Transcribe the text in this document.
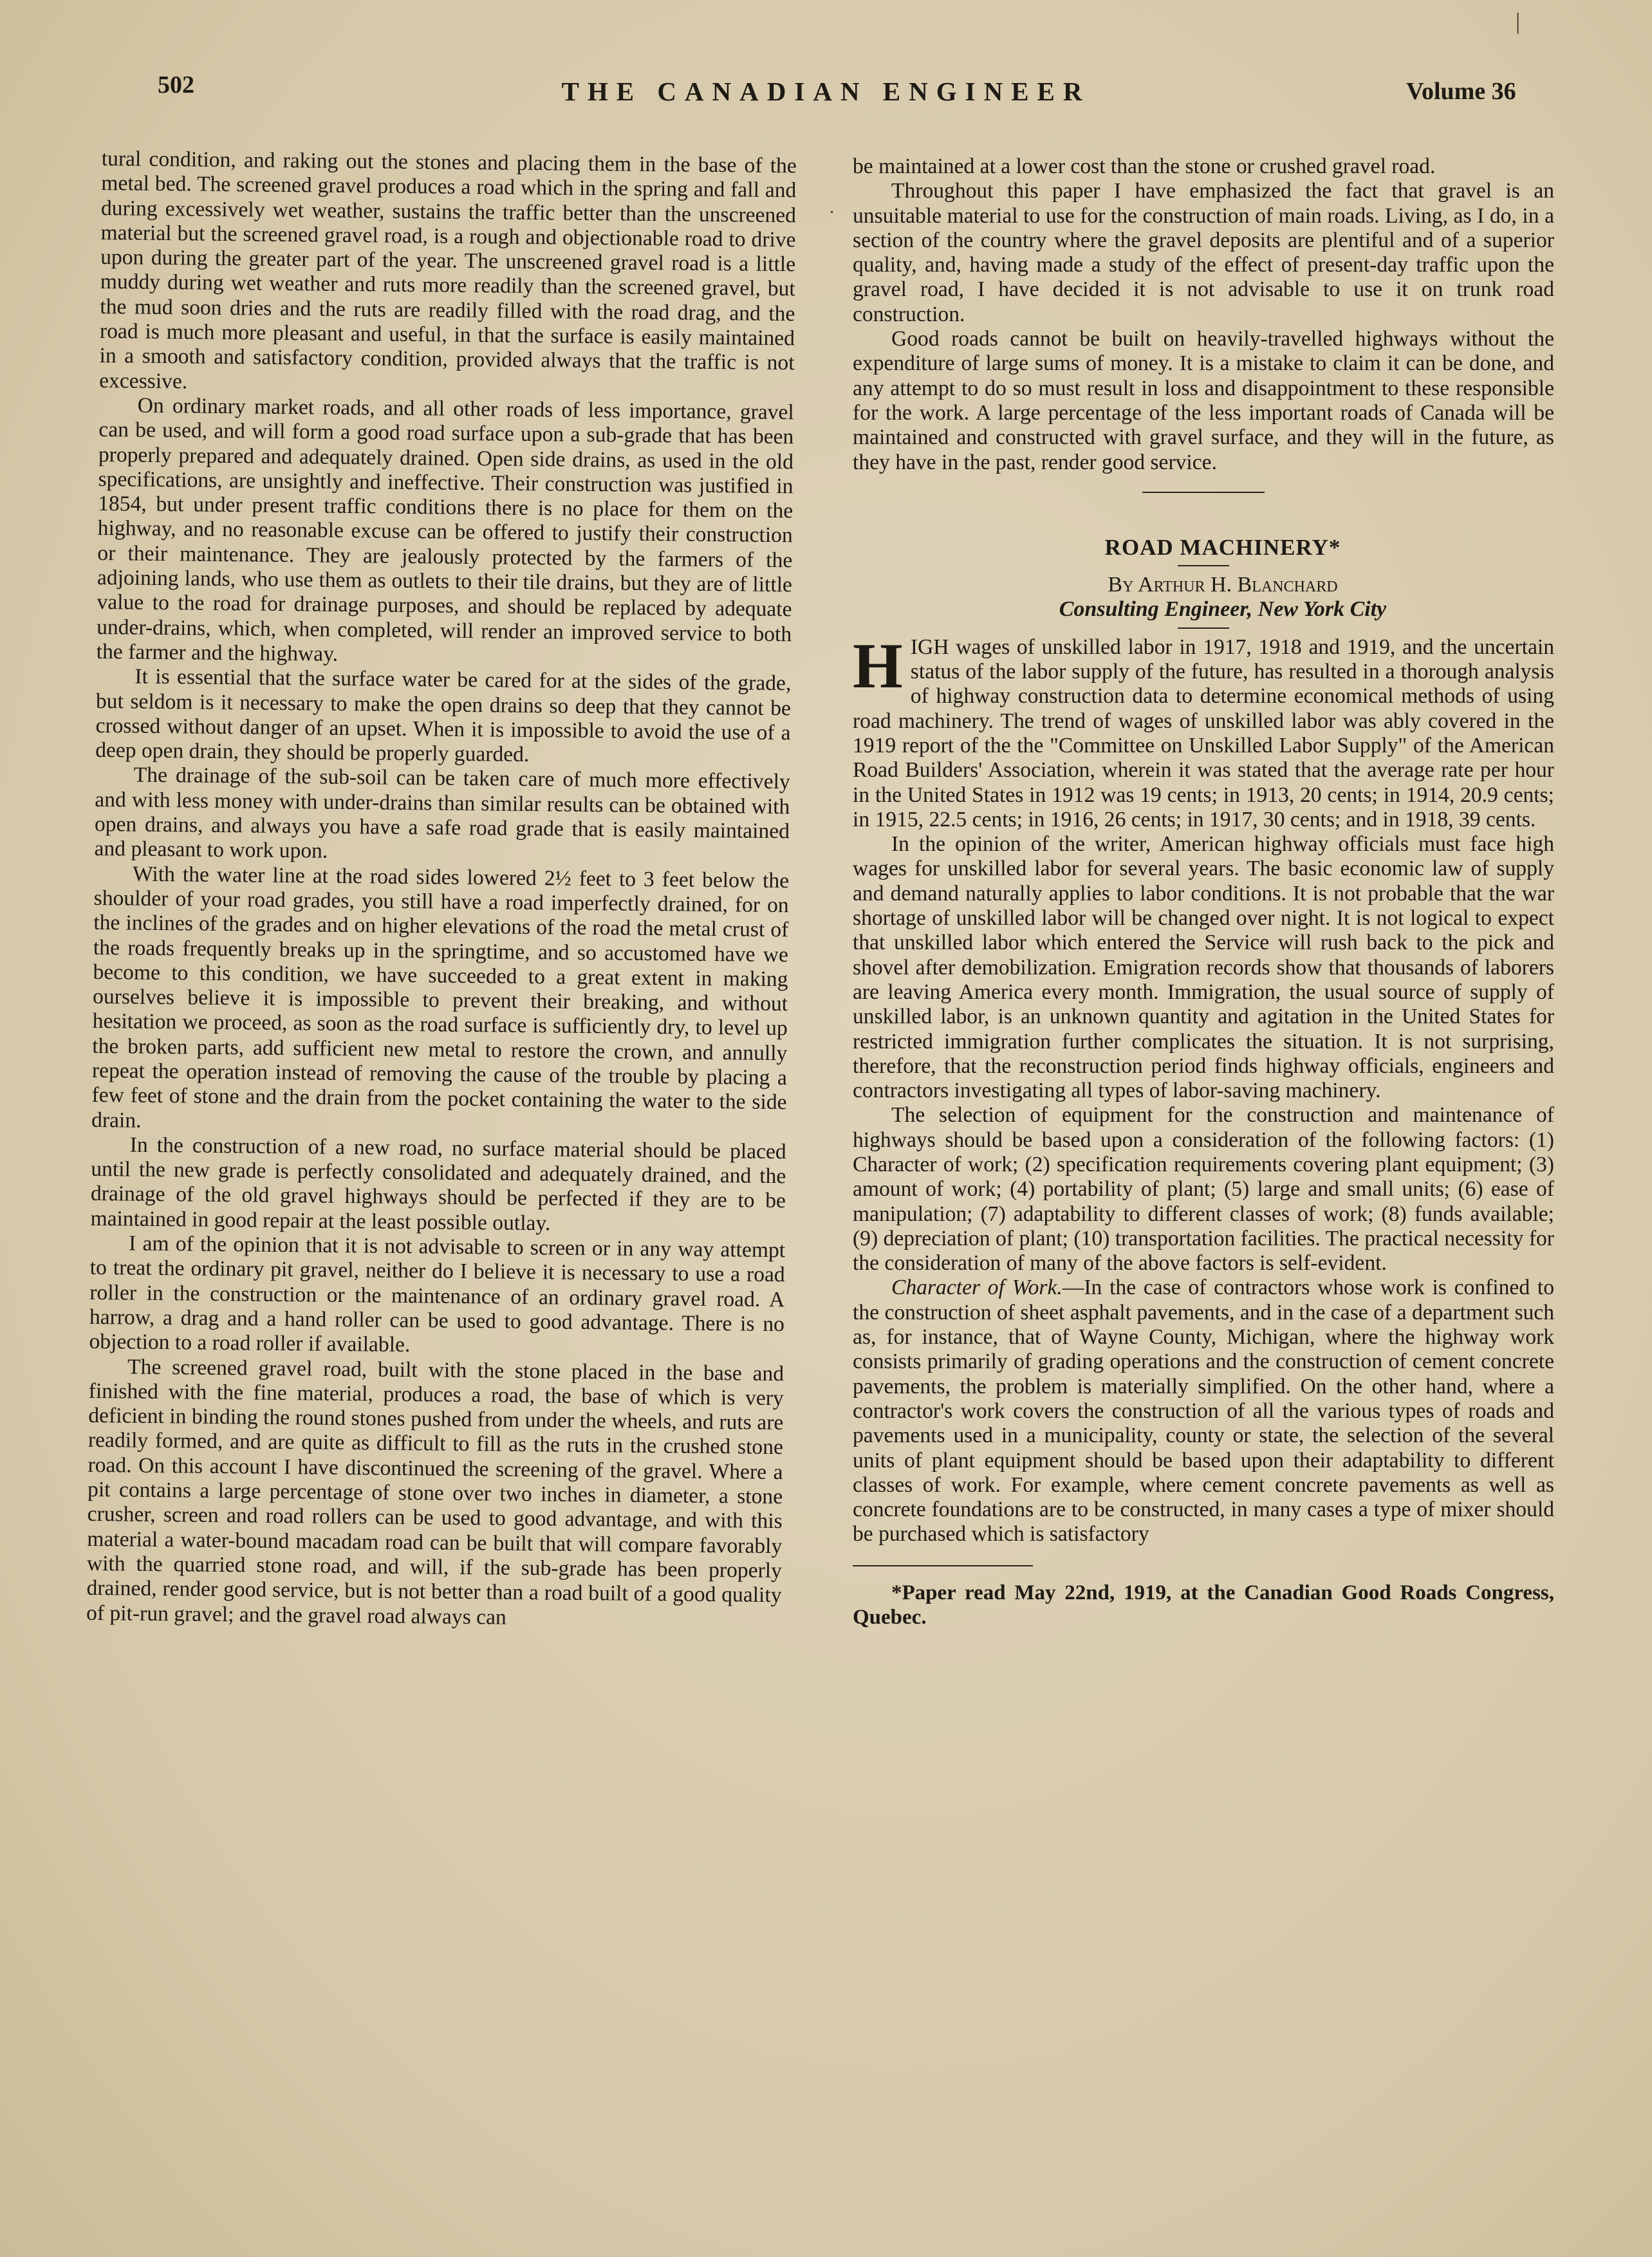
502	THE CANADIAN ENGINEER	Volume 36

tural condition, and raking out the stones and placing them in the base of the metal bed. The screened gravel produces a road which in the spring and fall and during excessively wet weather, sustains the traffic better than the unscreened material but the screened gravel road, is a rough and objectionable road to drive upon during the greater part of the year. The unscreened gravel road is a little muddy during wet weather and ruts more readily than the screened gravel, but the mud soon dries and the ruts are readily filled with the road drag, and the road is much more pleasant and useful, in that the surface is easily maintained in a smooth and satisfactory condition, provided always that the traffic is not excessive.

On ordinary market roads, and all other roads of less importance, gravel can be used, and will form a good road surface upon a sub-grade that has been properly prepared and adequately drained. Open side drains, as used in the old specifications, are unsightly and ineffective. Their construction was justified in 1854, but under present traffic conditions there is no place for them on the highway, and no reasonable excuse can be offered to justify their construction or their maintenance. They are jealously protected by the farmers of the adjoining lands, who use them as outlets to their tile drains, but they are of little value to the road for drainage purposes, and should be replaced by adequate under-drains, which, when completed, will render an improved service to both the farmer and the highway.

It is essential that the surface water be cared for at the sides of the grade, but seldom is it necessary to make the open drains so deep that they cannot be crossed without danger of an upset. When it is impossible to avoid the use of a deep open drain, they should be properly guarded.

The drainage of the sub-soil can be taken care of much more effectively and with less money with under-drains than similar results can be obtained with open drains, and always you have a safe road grade that is easily maintained and pleasant to work upon.

With the water line at the road sides lowered 2½ feet to 3 feet below the shoulder of your road grades, you still have a road imperfectly drained, for on the inclines of the grades and on higher elevations of the road the metal crust of the roads frequently breaks up in the springtime, and so accustomed have we become to this condition, we have succeeded to a great extent in making ourselves believe it is impossible to prevent their breaking, and without hesitation we proceed, as soon as the road surface is sufficiently dry, to level up the broken parts, add sufficient new metal to restore the crown, and annully repeat the operation instead of removing the cause of the trouble by placing a few feet of stone and the drain from the pocket containing the water to the side drain.

In the construction of a new road, no surface material should be placed until the new grade is perfectly consolidated and adequately drained, and the drainage of the old gravel highways should be perfected if they are to be maintained in good repair at the least possible outlay.

I am of the opinion that it is not advisable to screen or in any way attempt to treat the ordinary pit gravel, neither do I believe it is necessary to use a road roller in the construction or the maintenance of an ordinary gravel road. A harrow, a drag and a hand roller can be used to good advantage. There is no objection to a road roller if available.

The screened gravel road, built with the stone placed in the base and finished with the fine material, produces a road, the base of which is very deficient in binding the round stones pushed from under the wheels, and ruts are readily formed, and are quite as difficult to fill as the ruts in the crushed stone road. On this account I have discontinued the screening of the gravel. Where a pit contains a large percentage of stone over two inches in diameter, a stone crusher, screen and road rollers can be used to good advantage, and with this material a water-bound macadam road can be built that will compare favorably with the quarried stone road, and will, if the sub-grade has been properly drained, render good service, but is not better than a road built of a good quality of pit-run gravel; and the gravel road always can

be maintained at a lower cost than the stone or crushed gravel road.

Throughout this paper I have emphasized the fact that gravel is an unsuitable material to use for the construction of main roads. Living, as I do, in a section of the country where the gravel deposits are plentiful and of a superior quality, and, having made a study of the effect of present-day traffic upon the gravel road, I have decided it is not advisable to use it on trunk road construction.

Good roads cannot be built on heavily-travelled highways without the expenditure of large sums of money. It is a mistake to claim it can be done, and any attempt to do so must result in loss and disappointment to these responsible for the work. A large percentage of the less important roads of Canada will be maintained and constructed with gravel surface, and they will in the future, as they have in the past, render good service.

ROAD MACHINERY*

By Arthur H. Blanchard

Consulting Engineer, New York City

HIGH wages of unskilled labor in 1917, 1918 and 1919, and the uncertain status of the labor supply of the future, has resulted in a thorough analysis of highway construction data to determine economical methods of using road machinery. The trend of wages of unskilled labor was ably covered in the 1919 report of the the "Committee on Unskilled Labor Supply" of the American Road Builders' Association, wherein it was stated that the average rate per hour in the United States in 1912 was 19 cents; in 1913, 20 cents; in 1914, 20.9 cents; in 1915, 22.5 cents; in 1916, 26 cents; in 1917, 30 cents; and in 1918, 39 cents.

In the opinion of the writer, American highway officials must face high wages for unskilled labor for several years. The basic economic law of supply and demand naturally applies to labor conditions. It is not probable that the war shortage of unskilled labor will be changed over night. It is not logical to expect that unskilled labor which entered the Service will rush back to the pick and shovel after demobilization. Emigration records show that thousands of laborers are leaving America every month. Immigration, the usual source of supply of unskilled labor, is an unknown quantity and agitation in the United States for restricted immigration further complicates the situation. It is not surprising, therefore, that the reconstruction period finds highway officials, engineers and contractors investigating all types of labor-saving machinery.

The selection of equipment for the construction and maintenance of highways should be based upon a consideration of the following factors: (1) Character of work; (2) specification requirements covering plant equipment; (3) amount of work; (4) portability of plant; (5) large and small units; (6) ease of manipulation; (7) adaptability to different classes of work; (8) funds available; (9) depreciation of plant; (10) transportation facilities. The practical necessity for the consideration of many of the above factors is self-evident.

Character of Work.—In the case of contractors whose work is confined to the construction of sheet asphalt pavements, and in the case of a department such as, for instance, that of Wayne County, Michigan, where the highway work consists primarily of grading operations and the construction of cement concrete pavements, the problem is materially simplified. On the other hand, where a contractor's work covers the construction of all the various types of roads and pavements used in a municipality, county or state, the selection of the several units of plant equipment should be based upon their adaptability to different classes of work. For example, where cement concrete pavements as well as concrete foundations are to be constructed, in many cases a type of mixer should be purchased which is satisfactory

*Paper read May 22nd, 1919, at the Canadian Good Roads Congress, Quebec.

|
·
